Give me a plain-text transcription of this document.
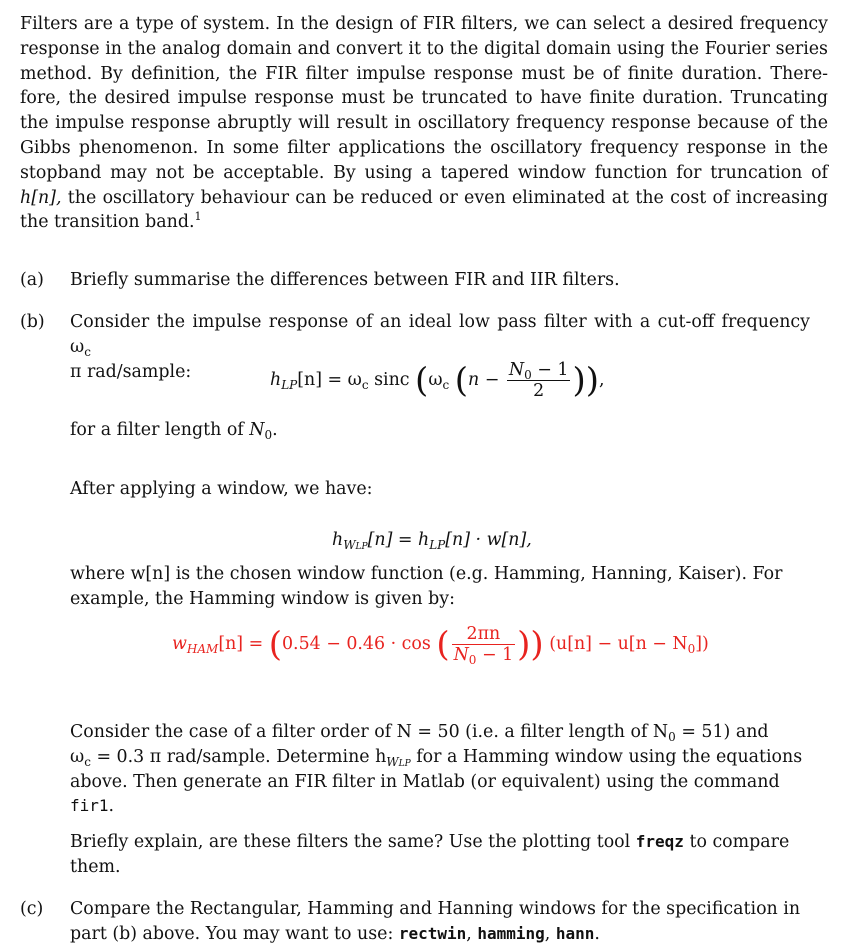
Filters are a type of system. In the design of FIR filters, we can select a desired frequency response in the analog domain and convert it to the digital domain using the Fourier series method. By definition, the FIR filter impulse response must be of finite duration. There- fore, the desired impulse response must be truncated to have finite duration. Truncating the impulse response abruptly will result in oscillatory frequency response because of the Gibbs phenomenon. In some filter applications the oscillatory frequency response in the stopband may not be acceptable. By using a tapered window function for truncation of h[n], the oscillatory behaviour can be reduced or even eliminated at the cost of increasing the transition band.$^1$

(a)	Briefly summarise the differences between FIR and IIR filters.
(b)	Consider the impulse response of an ideal low pass filter with a cut-off frequency $\omega_c$
π rad/sample:	$h_{LP}[n] = \omega_c$ sinc ($\omega_c$ ($n - \frac{N_0 - 1}{2}$ )),
for a filter length of $N_0$.
After applying a window, we have:
$h_{WLP}[n] = h_{LP}[n] \cdot w[n]$,
where w[n] is the chosen window function (e.g. Hamming, Hanning, Kaiser). For
example, the Hamming window is given by:
$w_{HAM}[n] = (0.54 - 0.46 \cdot \cos$ ( $\frac{2\pi n}{N_0 - 1}$ )) $(u[n] - u[n - N_0])$
Consider the case of a filter order of N = 50 (i.e. a filter length of $N_0 = 51$) and
$\omega_c = 0.3$ π rad/sample. Determine $h_{WLP}$ for a Hamming window using the equations
above. Then generate an FIR filter in Matlab (or equivalent) using the command
fir1.
Briefly explain, are these filters the same? Use the plotting tool freqz to compare
them.
(c)	Compare the Rectangular, Hamming and Hanning windows for the specification in
part (b) above. You may want to use: rectwin, hamming, hann.
